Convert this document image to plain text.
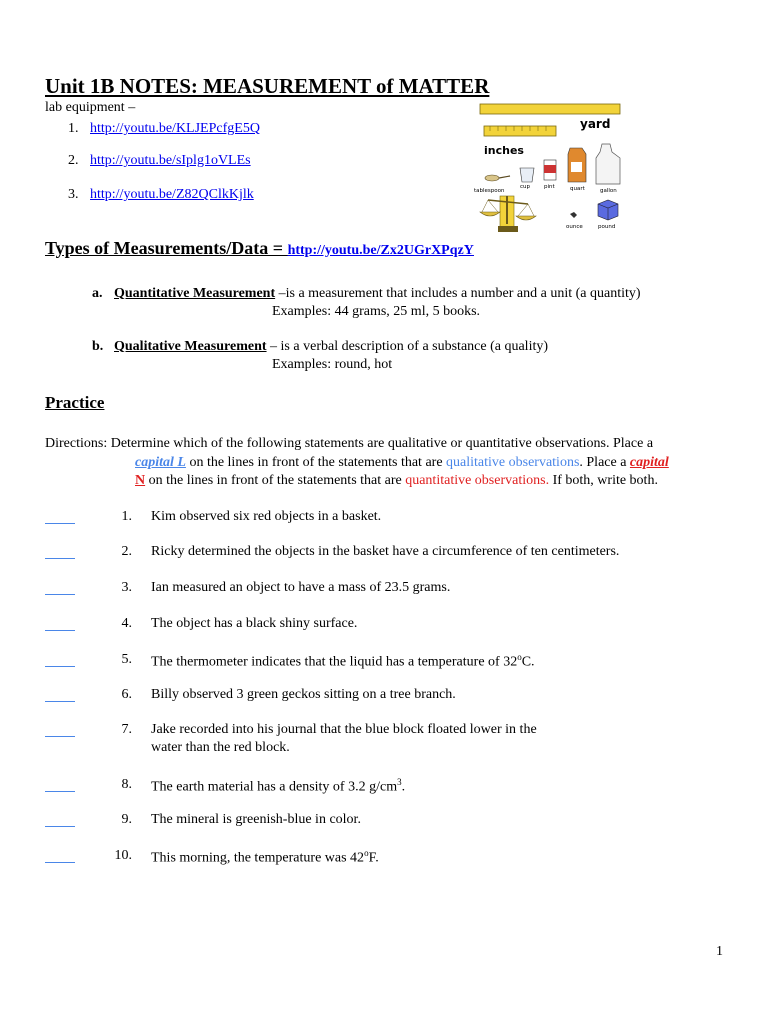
Unit 1B NOTES: MEASUREMENT of MATTER
lab equipment –
1. http://youtu.be/KLJEPcfgE5Q
2. http://youtu.be/sIplg1oVLEs
3. http://youtu.be/Z82QClkKjlk
yard
inches
tablespoon
cup	pint	quart	gallon
ounce	pound
Types of Measurements/Data = http://youtu.be/Zx2UGrXPqzY
a. Quantitative Measurement –is a measurement that includes a number and a unit (a quantity)
Examples: 44 grams, 25 ml, 5 books.
b. Qualitative Measurement – is a verbal description of a substance (a quality)
Examples: round, hot
Practice
Directions: Determine which of the following statements are qualitative or quantitative observations. Place a
capital L on the lines in front of the statements that are qualitative observations. Place a capital
N on the lines in front of the statements that are quantitative observations. If both, write both.
1. Kim observed six red objects in a basket.
2. Ricky determined the objects in the basket have a circumference of ten centimeters.
3. Ian measured an object to have a mass of 23.5 grams.
4. The object has a black shiny surface.
5. The thermometer indicates that the liquid has a temperature of 32$^o$C.
6. Billy observed 3 green geckos sitting on a tree branch.
7. Jake recorded into his journal that the blue block floated lower in the
water than the red block.
8. The earth material has a density of 3.2 $g/cm^3$.
9. The mineral is greenish-blue in color.
10. This morning, the temperature was 42$^o$F.
1
